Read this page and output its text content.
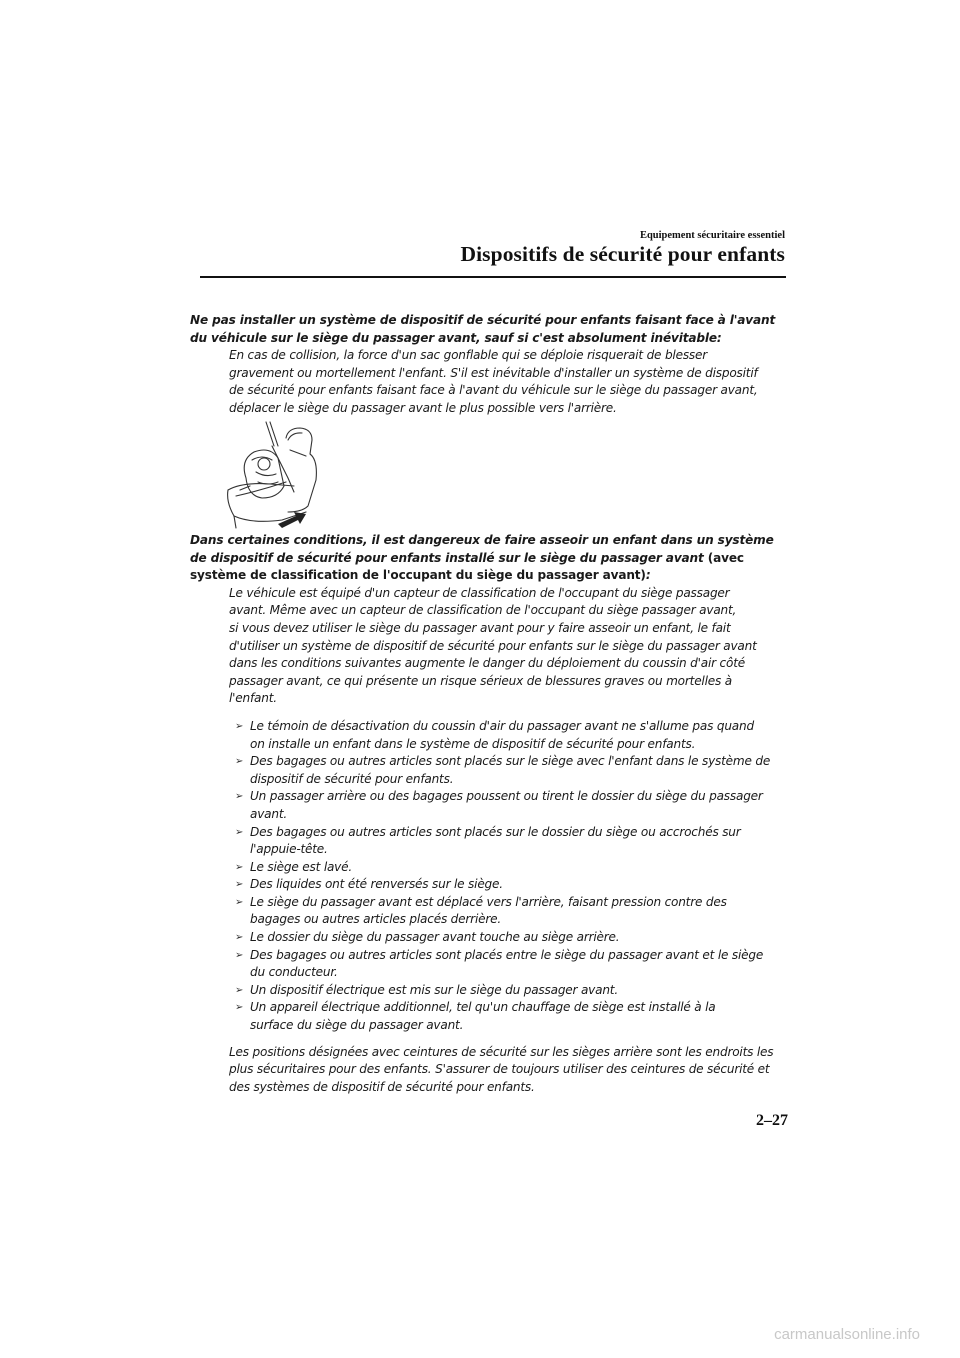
Equipement sécuritaire essentiel
Dispositifs de sécurité pour enfants

Ne pas installer un système de dispositif de sécurité pour enfants faisant face à l'avant
du véhicule sur le siège du passager avant, sauf si c'est absolument inévitable:

En cas de collision, la force d'un sac gonflable qui se déploie risquerait de blesser
gravement ou mortellement l'enfant. S'il est inévitable d'installer un système de dispositif
de sécurité pour enfants faisant face à l'avant du véhicule sur le siège du passager avant,
déplacer le siège du passager avant le plus possible vers l'arrière.

Dans certaines conditions, il est dangereux de faire asseoir un enfant dans un système
de dispositif de sécurité pour enfants installé sur le siège du passager avant (avec
système de classification de l'occupant du siège du passager avant):

Le véhicule est équipé d'un capteur de classification de l'occupant du siège passager
avant. Même avec un capteur de classification de l'occupant du siège passager avant,
si vous devez utiliser le siège du passager avant pour y faire asseoir un enfant, le fait
d'utiliser un système de dispositif de sécurité pour enfants sur le siège du passager avant
dans les conditions suivantes augmente le danger du déploiement du coussin d'air côté
passager avant, ce qui présente un risque sérieux de blessures graves ou mortelles à
l'enfant.

➢ Le témoin de désactivation du coussin d'air du passager avant ne s'allume pas quand
on installe un enfant dans le système de dispositif de sécurité pour enfants.
➢ Des bagages ou autres articles sont placés sur le siège avec l'enfant dans le système de
dispositif de sécurité pour enfants.
➢ Un passager arrière ou des bagages poussent ou tirent le dossier du siège du passager
avant.
➢ Des bagages ou autres articles sont placés sur le dossier du siège ou accrochés sur
l'appuie-tête.
➢ Le siège est lavé.
➢ Des liquides ont été renversés sur le siège.
➢ Le siège du passager avant est déplacé vers l'arrière, faisant pression contre des
bagages ou autres articles placés derrière.
➢ Le dossier du siège du passager avant touche au siège arrière.
➢ Des bagages ou autres articles sont placés entre le siège du passager avant et le siège
du conducteur.
➢ Un dispositif électrique est mis sur le siège du passager avant.
➢ Un appareil électrique additionnel, tel qu'un chauffage de siège est installé à la
surface du siège du passager avant.

Les positions désignées avec ceintures de sécurité sur les sièges arrière sont les endroits les
plus sécuritaires pour des enfants. S'assurer de toujours utiliser des ceintures de sécurité et
des systèmes de dispositif de sécurité pour enfants.

2–27
carmanualsonline.info
